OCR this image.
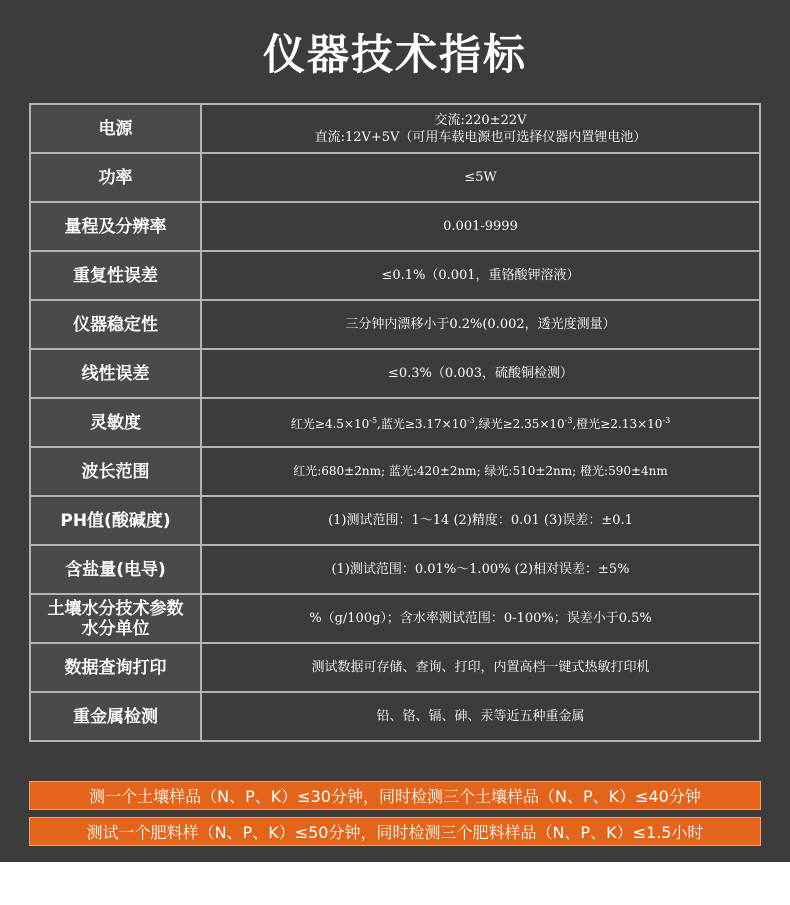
仪器技术指标
电源	交流:220±22V
直流:12V+5V（可用车载电源也可选择仪器内置锂电池）

功率	≤5W
量程及分辨率	0.001-9999
重复性误差	≤0.1%（0.001，重铬酸钾溶液）
仪器稳定性	三分钟内漂移小于0.2%(0.002，透光度测量）
线性误差	≤0.3%（0.003，硫酸铜检测）
灵敏度	红光$\ge 4.5\times 10^{-5}$,蓝光$\ge 3.17\times 10^{-3}$,绿光$\ge 2.35\times 10^{-3}$,橙光$\ge 2.13\times 10^{-3}$
波长范围	红光:680±2nm; 蓝光:420±2nm; 绿光:510±2nm; 橙光:590±4nm
PH值(酸碱度)	(1)测试范围：1～14 (2)精度：0.01 (3)误差：±0.1
含盐量(电导)	(1)测试范围：0.01%～1.00% (2)相对误差：±5%

土壤水分技术参数
水分单位	%（g/100g）；含水率测试范围：0-100%；误差小于0.5%
数据查询打印	测试数据可存储、查询、打印，内置高档一键式热敏打印机
重金属检测	铅、铬、镉、砷、汞等近五种重金属
测一个土壤样品（N、P、K）≤30分钟，同时检测三个土壤样品（N、P、K）≤40分钟
测试一个肥料样（N、P、K）≤50分钟，同时检测三个肥料样品（N、P、K）≤1.5小时
